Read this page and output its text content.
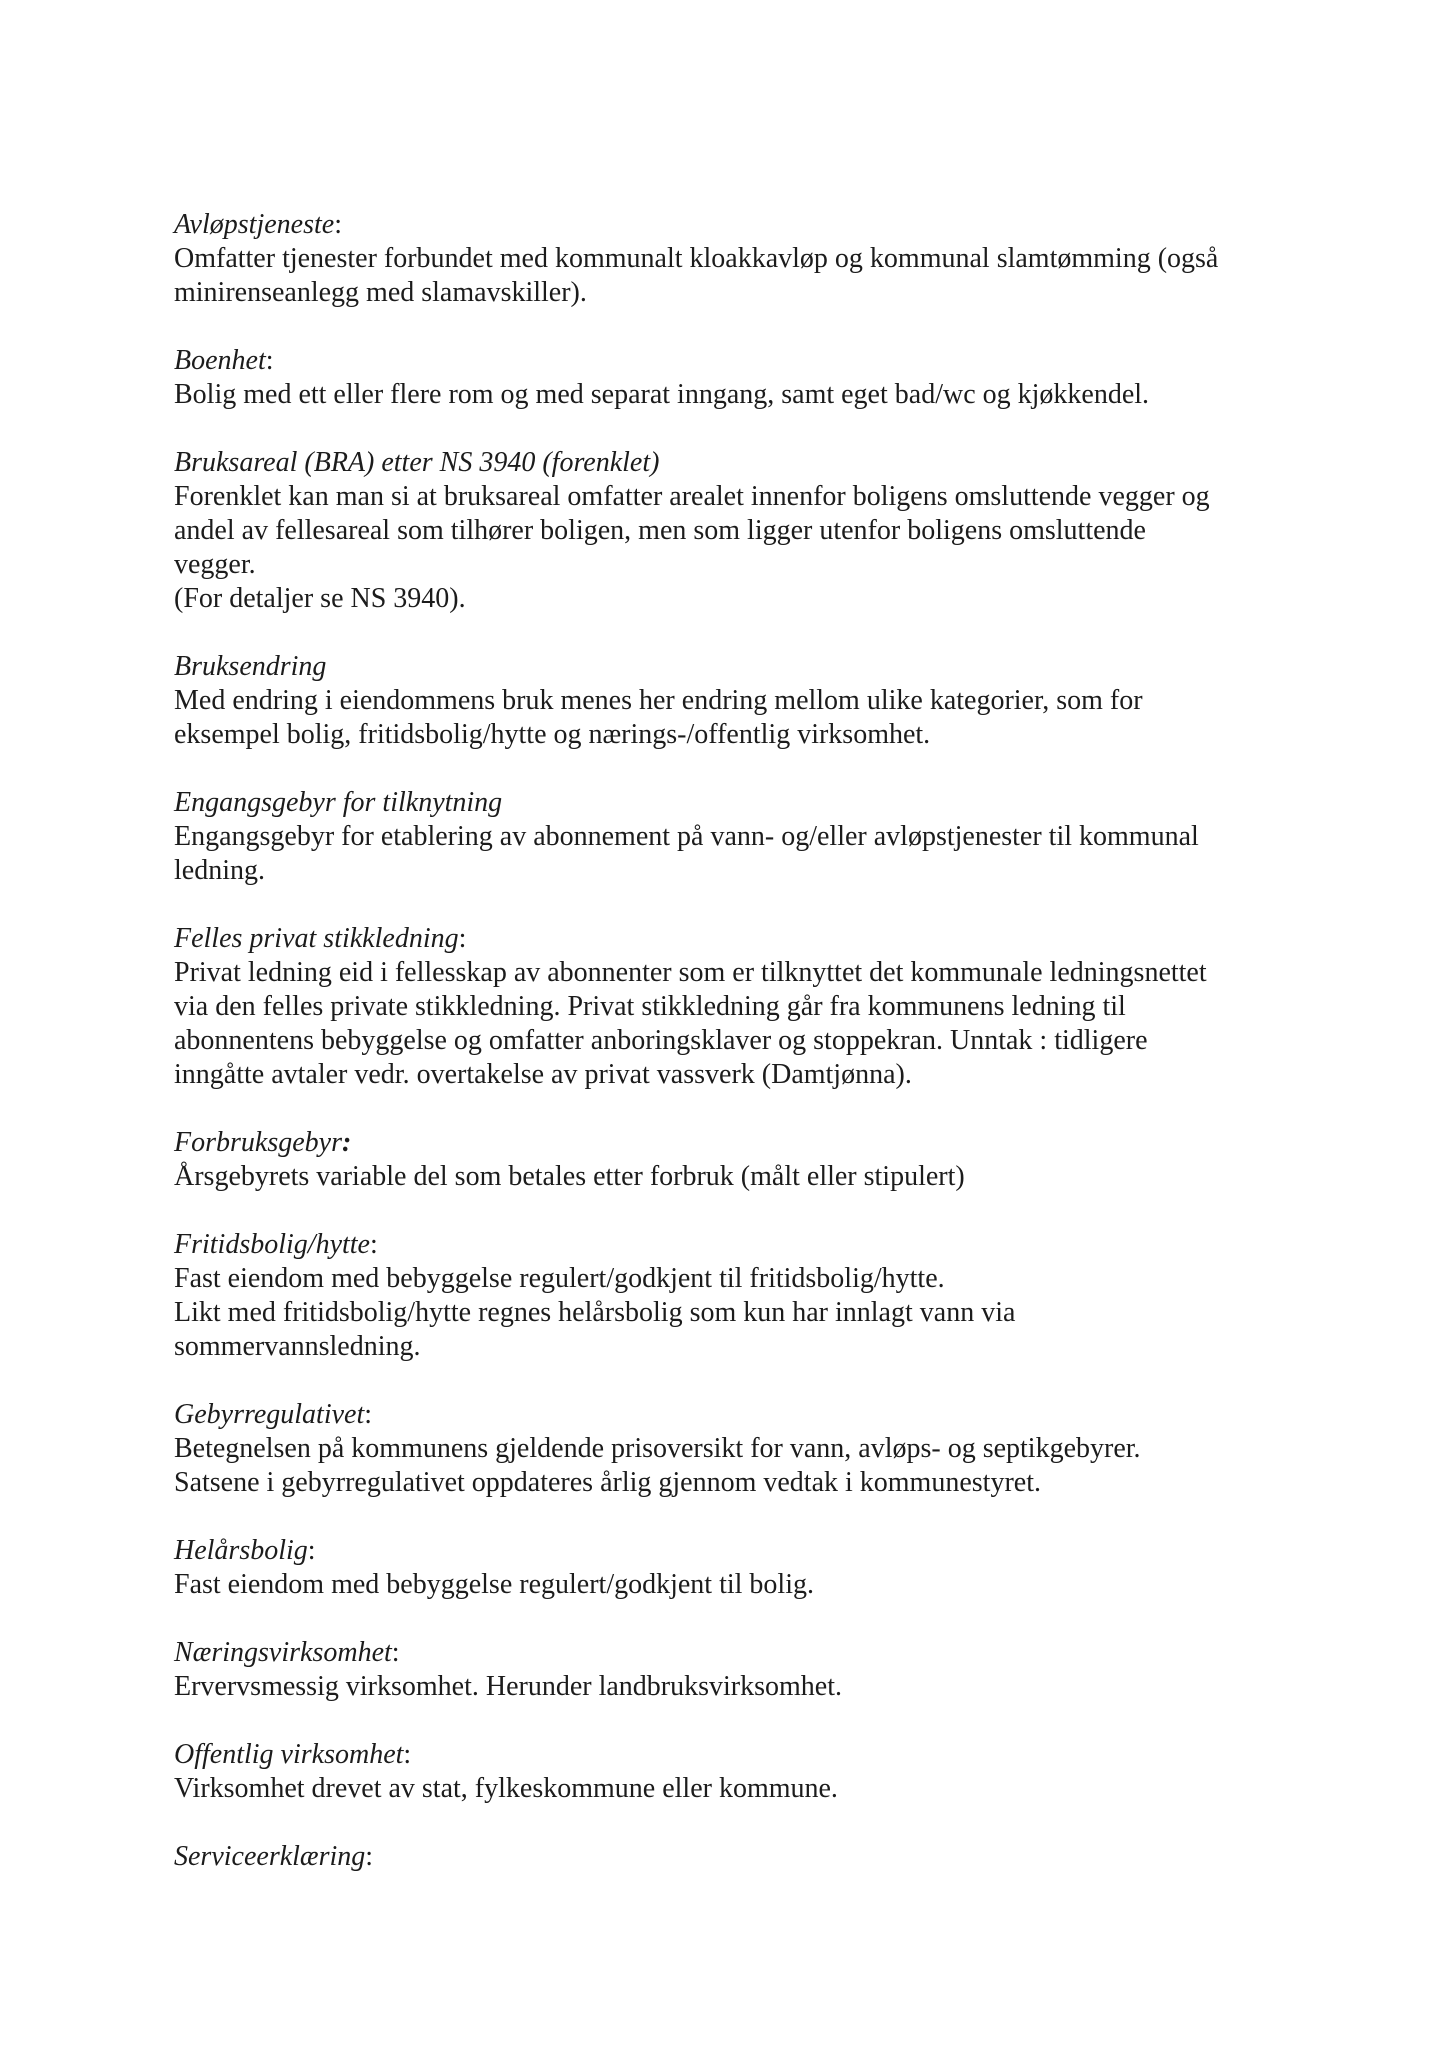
Avløpstjeneste:
Omfatter tjenester forbundet med kommunalt kloakkavløp og kommunal slamtømming (også
minirenseanlegg med slamavskiller).
Boenhet:
Bolig med ett eller flere rom og med separat inngang, samt eget bad/wc og kjøkkendel.
Bruksareal (BRA) etter NS 3940 (forenklet)
Forenklet kan man si at bruksareal omfatter arealet innenfor boligens omsluttende vegger og
andel av fellesareal som tilhører boligen, men som ligger utenfor boligens omsluttende
vegger.
(For detaljer se NS 3940).
Bruksendring
Med endring i eiendommens bruk menes her endring mellom ulike kategorier, som for
eksempel bolig, fritidsbolig/hytte og nærings-/offentlig virksomhet.
Engangsgebyr for tilknytning
Engangsgebyr for etablering av abonnement på vann- og/eller avløpstjenester til kommunal
ledning.
Felles privat stikkledning:
Privat ledning eid i fellesskap av abonnenter som er tilknyttet det kommunale ledningsnettet
via den felles private stikkledning. Privat stikkledning går fra kommunens ledning til
abonnentens bebyggelse og omfatter anboringsklaver og stoppekran. Unntak : tidligere
inngåtte avtaler vedr. overtakelse av privat vassverk (Damtjønna).
Forbruksgebyr:
Årsgebyrets variable del som betales etter forbruk (målt eller stipulert)
Fritidsbolig/hytte:
Fast eiendom med bebyggelse regulert/godkjent til fritidsbolig/hytte.
Likt med fritidsbolig/hytte regnes helårsbolig som kun har innlagt vann via
sommervannsledning.
Gebyrregulativet:
Betegnelsen på kommunens gjeldende prisoversikt for vann, avløps- og septikgebyrer.
Satsene i gebyrregulativet oppdateres årlig gjennom vedtak i kommunestyret.
Helårsbolig:
Fast eiendom med bebyggelse regulert/godkjent til bolig.
Næringsvirksomhet:
Ervervsmessig virksomhet. Herunder landbruksvirksomhet.
Offentlig virksomhet:
Virksomhet drevet av stat, fylkeskommune eller kommune.
Serviceerklæring:
